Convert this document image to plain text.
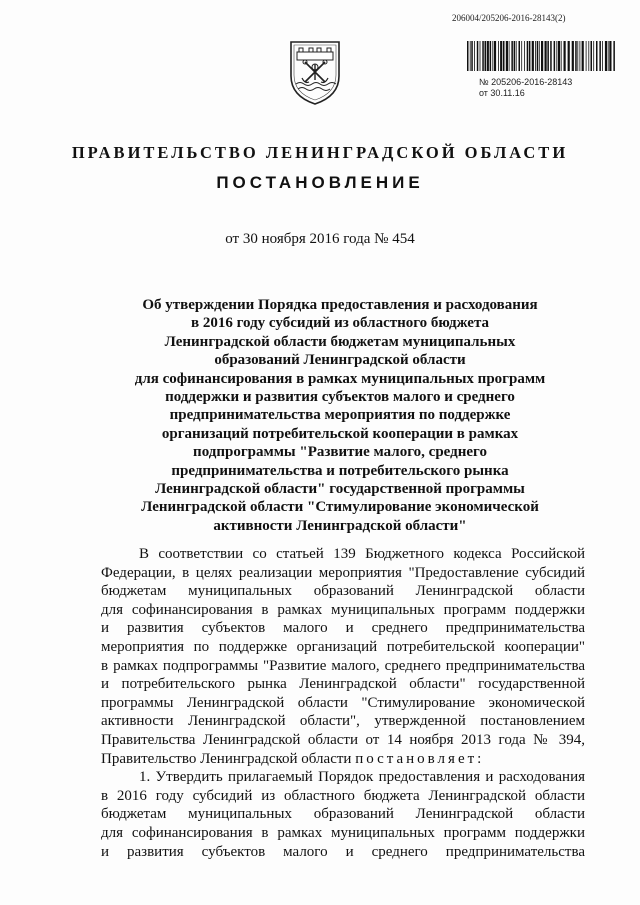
206004/205206-2016-28143(2)
№ 205206-2016-28143
от 30.11.16
ПРАВИТЕЛЬСТВО ЛЕНИНГРАДСКОЙ ОБЛАСТИ
ПОСТАНОВЛЕНИЕ
от 30 ноября 2016 года № 454
Об утверждении Порядка предоставления и расходования
в 2016 году субсидий из областного бюджета
Ленинградской области бюджетам муниципальных
образований Ленинградской области
для софинансирования в рамках муниципальных программ
поддержки и развития субъектов малого и среднего
предпринимательства мероприятия по поддержке
организаций потребительской кооперации в рамках
подпрограммы "Развитие малого, среднего
предпринимательства и потребительского рынка
Ленинградской области" государственной программы
Ленинградской области "Стимулирование экономической
активности Ленинградской области"
В соответствии со статьей 139 Бюджетного кодекса Российской
Федерации, в целях реализации мероприятия "Предоставление субсидий
бюджетам муниципальных образований Ленинградской области
для софинансирования в рамках муниципальных программ поддержки
и развития субъектов малого и среднего предпринимательства
мероприятия по поддержке организаций потребительской кооперации"
в рамках подпрограммы "Развитие малого, среднего предпринимательства
и потребительского рынка Ленинградской области" государственной
программы Ленинградской области "Стимулирование экономической
активности Ленинградской области", утвержденной постановлением
Правительства Ленинградской области от 14 ноября 2013 года № 394,
Правительство Ленинградской области постановляет:
1. Утвердить прилагаемый Порядок предоставления и расходования
в 2016 году субсидий из областного бюджета Ленинградской области
бюджетам муниципальных образований Ленинградской области
для софинансирования в рамках муниципальных программ поддержки
и развития субъектов малого и среднего предпринимательства
